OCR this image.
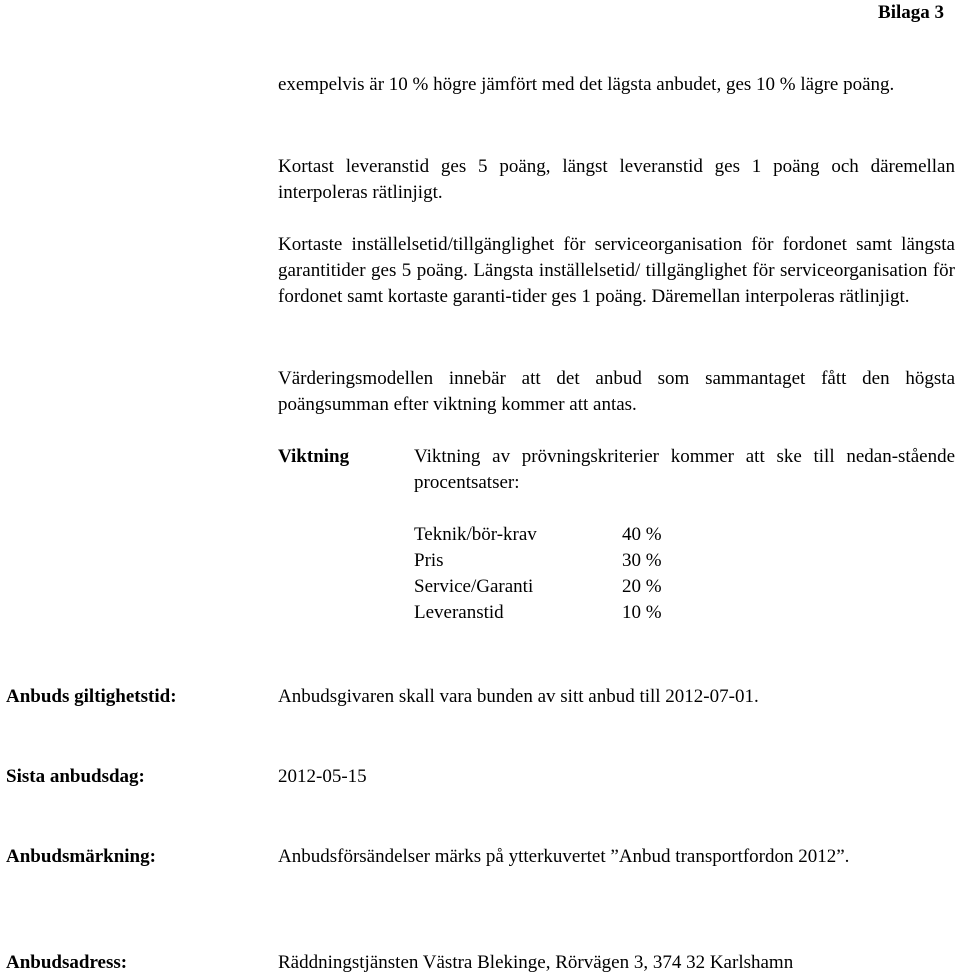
Bilaga 3

exempelvis är 10 % högre jämfört med det lägsta anbudet, ges 10 % lägre poäng.

Kortast leveranstid ges 5 poäng, längst leveranstid ges 1 poäng och däremellan interpoleras rätlinjigt.

Kortaste inställelsetid/tillgänglighet för serviceorganisation för fordonet samt längsta garantitider ges 5 poäng. Längsta inställelsetid/ tillgänglighet för serviceorganisation för fordonet samt kortaste garanti-tider ges 1 poäng. Däremellan interpoleras rätlinjigt.

Värderingsmodellen innebär att det anbud som sammantaget fått den högsta poängsumman efter viktning kommer att antas.

Viktning	Viktning av prövningskriterier kommer att ske till nedan-stående procentsatser:

Teknik/bör-krav	40 %
Pris	30 %
Service/Garanti	20 %
Leveranstid	10 %

Anbuds giltighetstid:	Anbudsgivaren skall vara bunden av sitt anbud till 2012-07-01.

Sista anbudsdag:	2012-05-15

Anbudsmärkning:	Anbudsförsändelser märks på ytterkuvertet ”Anbud transportfordon 2012”.

Anbudsadress:	Räddningstjänsten Västra Blekinge, Rörvägen 3, 374 32 Karlshamn
